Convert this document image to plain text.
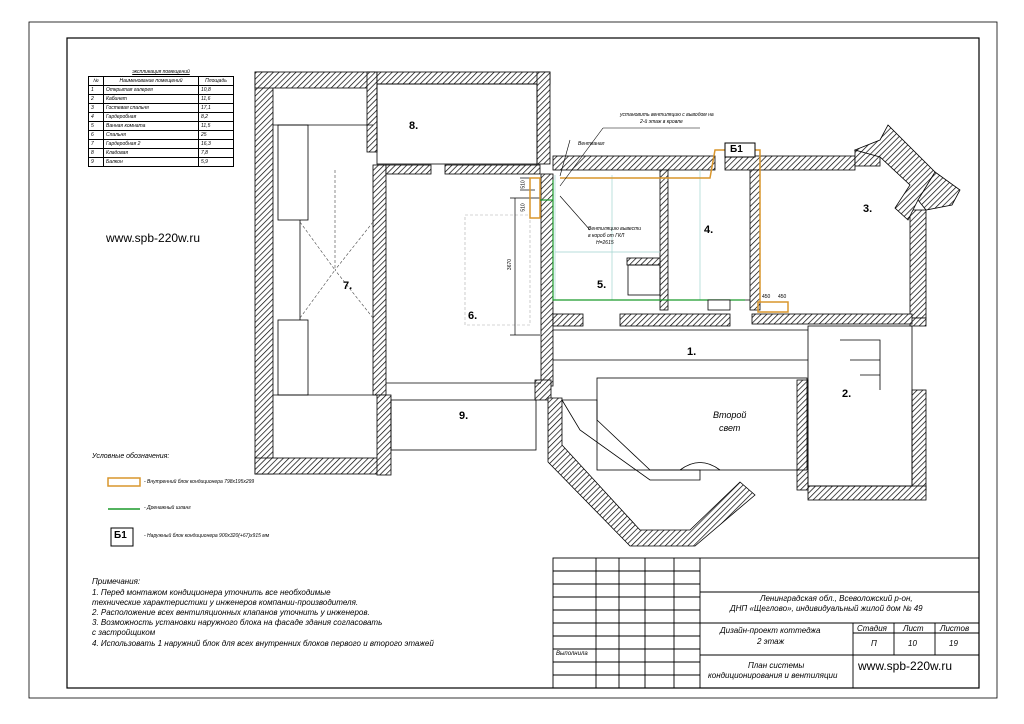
экспликация помещений		
№	Наименование помещений	Площадь
1	Открытая галерея	10,8
2	Кабинет	11,6
3	Гостевая спальня	17,1
4	Гардеробная	8,2
5	Ванная комната	11,5
6	Спальня	25
7	Гардеробная 2	16,3
8	Кладовая	7,8
9	Балкон	5,9
www.spb-220w.ru
www.spb-220w.ru
1.
2.
3.
4.
5.
6.
7.
8.
9.	Второй
свет
установить вентиляцию с выводом на
2-й этаж в кровле
Вентканал
Вентиляцию вывести
в короб от ГКЛ
Н=2615
3670
510
510
450 450
Б1
Условные обозначения:
- Внутренний блок кондиционера 798х195х299
- Дренажный шланг
Б1	- Наружный блок кондиционера 900х320(+67)х915 мм
Примечания:
1. Перед монтажом кондиционера уточнить все необходимые
технические характеристики у инженеров компании-производителя.
2. Расположение всех вентиляционных клапанов уточнить у инженеров.
3. Возможность установки наружного блока на фасаде здания согласовать
с застройщиком
4. Использовать 1 наружний блок для всех внутренних блоков первого и второго этажей
Ленинградская обл., Всеволожский р-он,
ДНП «Щеглово», индивидуальный жилой дом № 49
Дизайн-проект коттеджа
2 этаж
Стадия Лист Листов
П	10	19
План системы
кондиционирования и вентиляции
Выполнила
